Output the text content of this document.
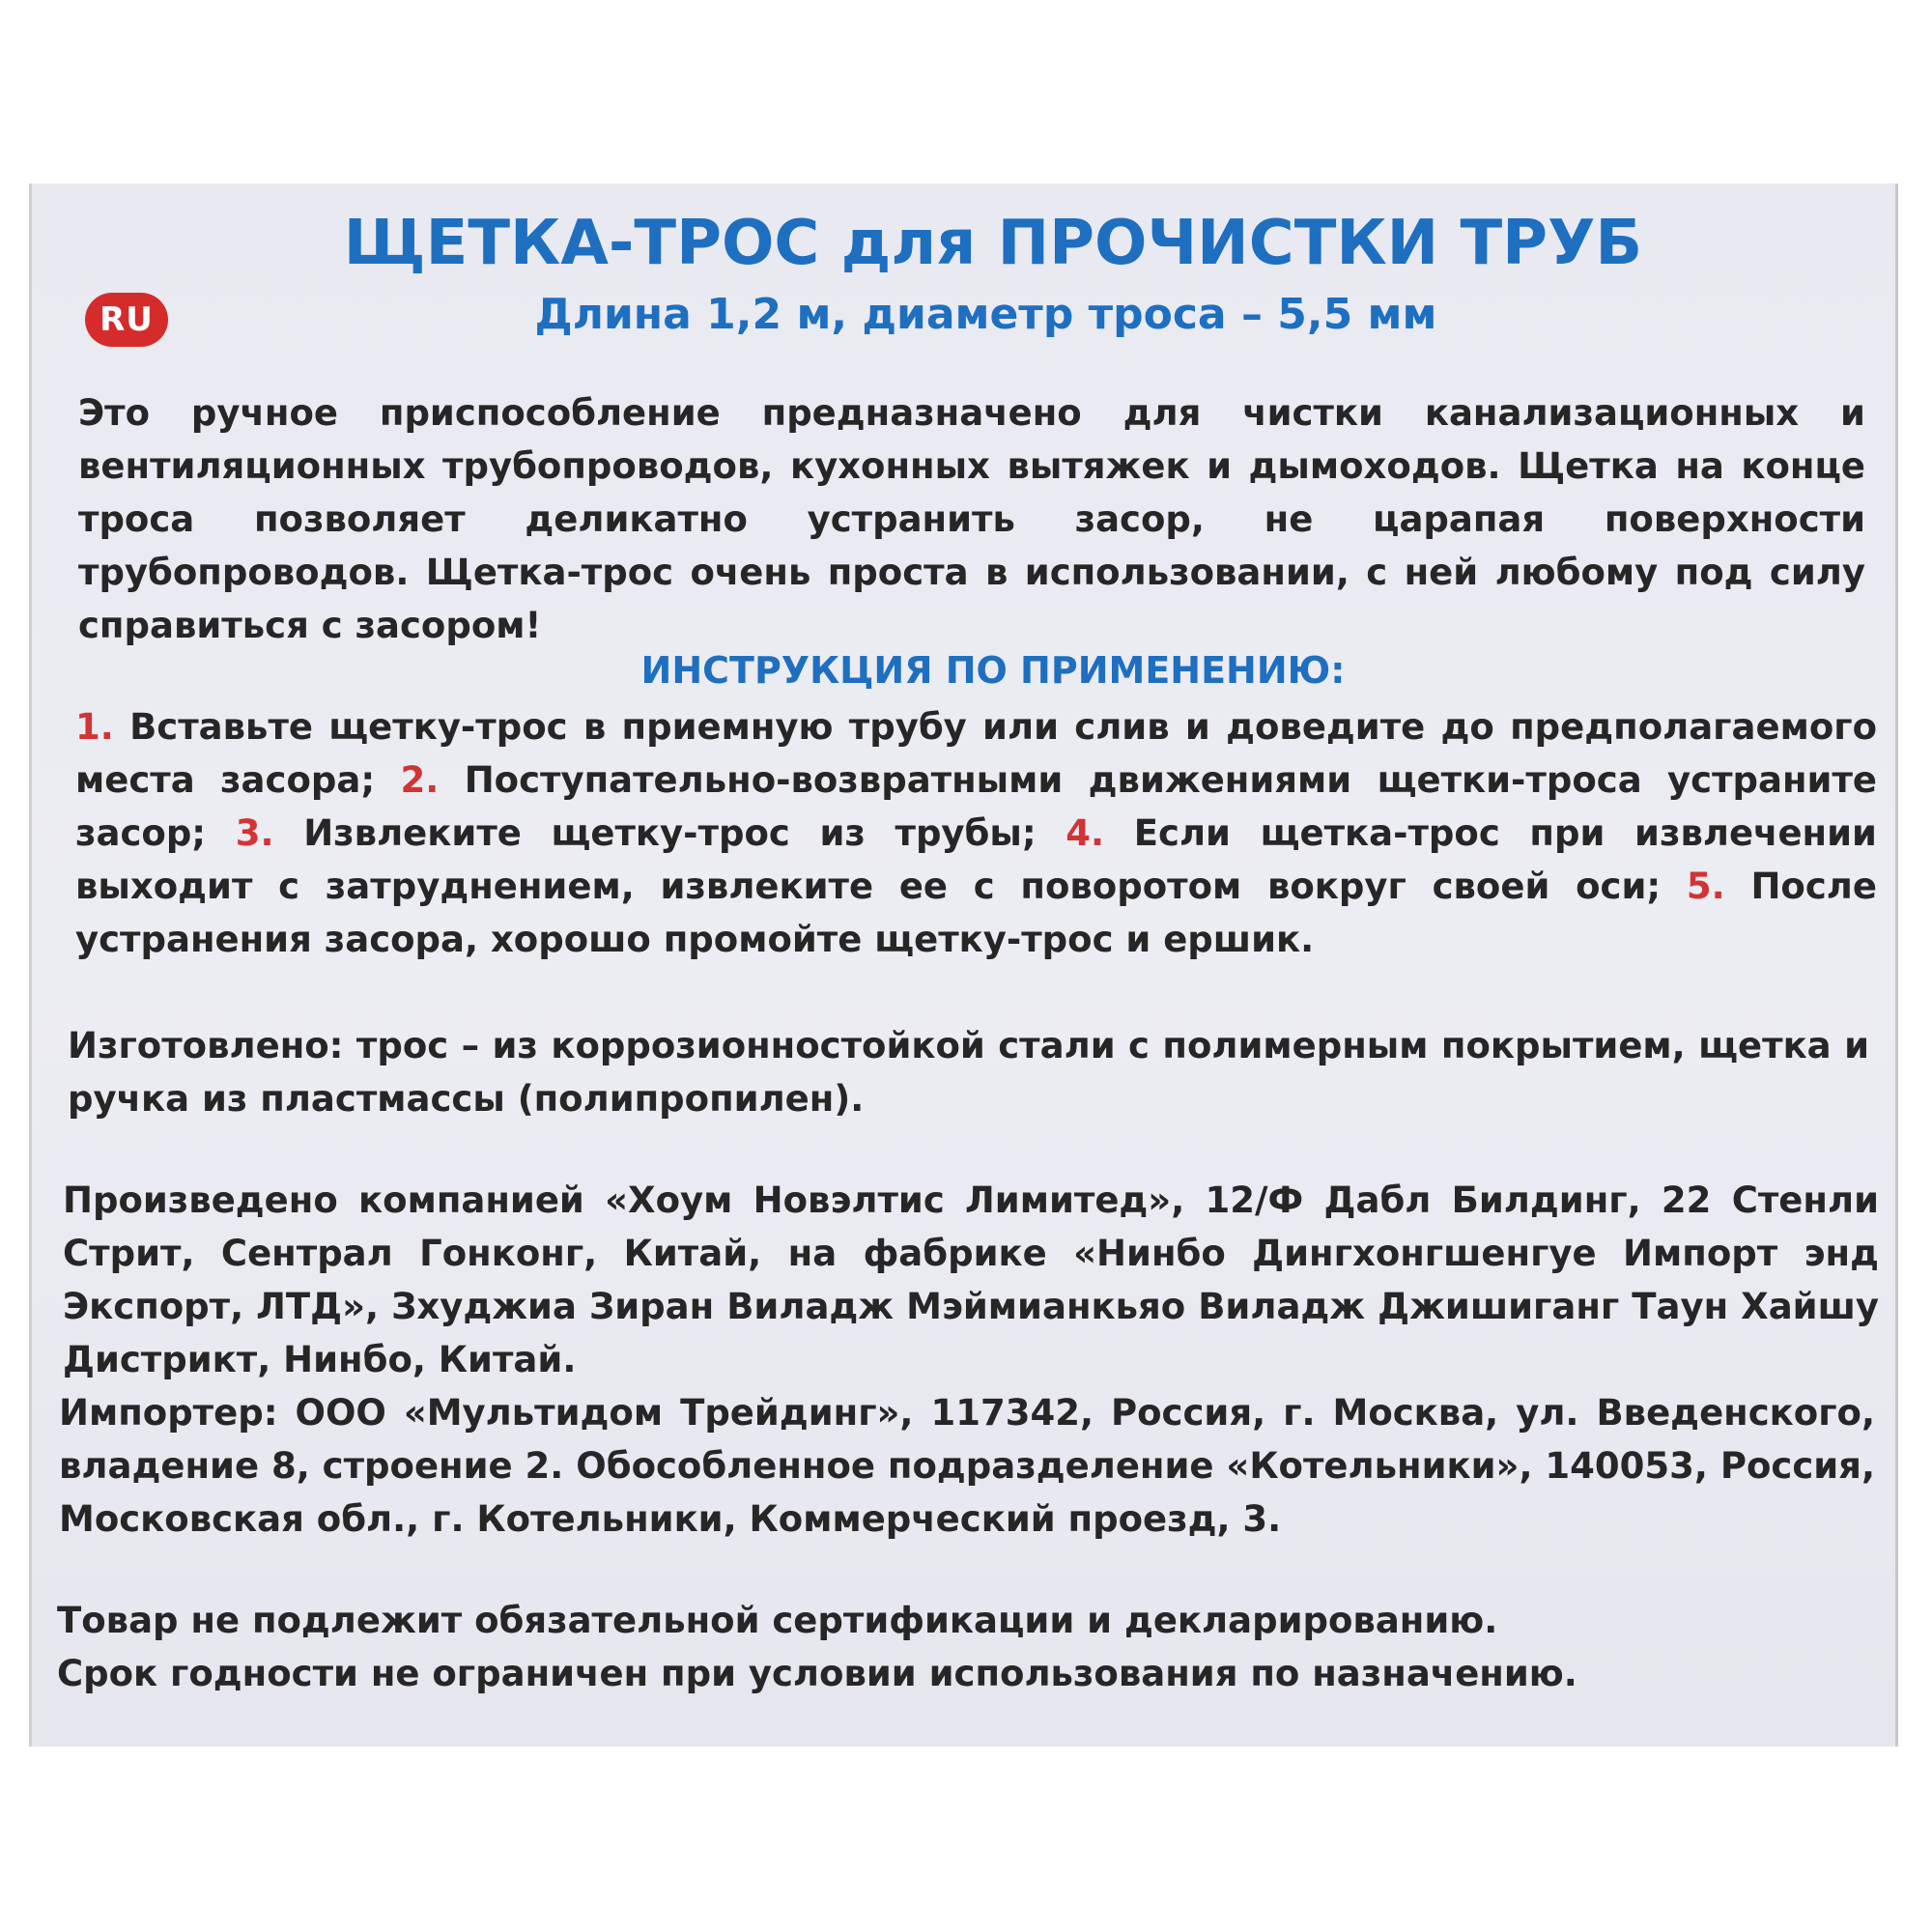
ЩЕТКА-ТРОС для ПРОЧИСТКИ ТРУБ
RU	Длина 1,2 м, диаметр троса – 5,5 мм
Это ручное приспособление предназначено для чистки канализационных и вентиляционных трубопроводов, кухонных вытяжек и дымоходов. Щетка на конце троса позволяет деликатно устранить засор, не царапая поверхности трубопроводов. Щетка-трос очень проста в использовании, с ней любому под силу справиться с засором!
ИНСТРУКЦИЯ ПО ПРИМЕНЕНИЮ:
1. Вставьте щетку-трос в приемную трубу или слив и доведите до предполагаемого места засора; 2. Поступательно-возвратными движениями щетки-троса устраните засор; 3. Извлеките щетку-трос из трубы; 4. Если щетка-трос при извлечении выходит с затруднением, извлеките ее с поворотом вокруг своей оси; 5. После устранения засора, хорошо промойте щетку-трос и ершик.
Изготовлено: трос – из коррозионностойкой стали с полимерным покрытием, щетка и ручка из пластмассы (полипропилен).
Произведено компанией «Хоум Новэлтис Лимитед», 12/Ф Дабл Билдинг, 22 Стенли Стрит, Сентрал Гонконг, Китай, на фабрике «Нинбо Дингхонгшенгуе Импорт энд Экспорт, ЛТД», Зхуджиа Зиран Виладж Мэймианкьяо Виладж Джишиганг Таун Хайшу Дистрикт, Нинбо, Китай.
Импортер: ООО «Мультидом Трейдинг», 117342, Россия, г. Москва, ул. Введенского, владение 8, строение 2. Обособленное подразделение «Котельники», 140053, Россия, Московская обл., г. Котельники, Коммерческий проезд, 3.
Товар не подлежит обязательной сертификации и декларированию.
Срок годности не ограничен при условии использования по назначению.
